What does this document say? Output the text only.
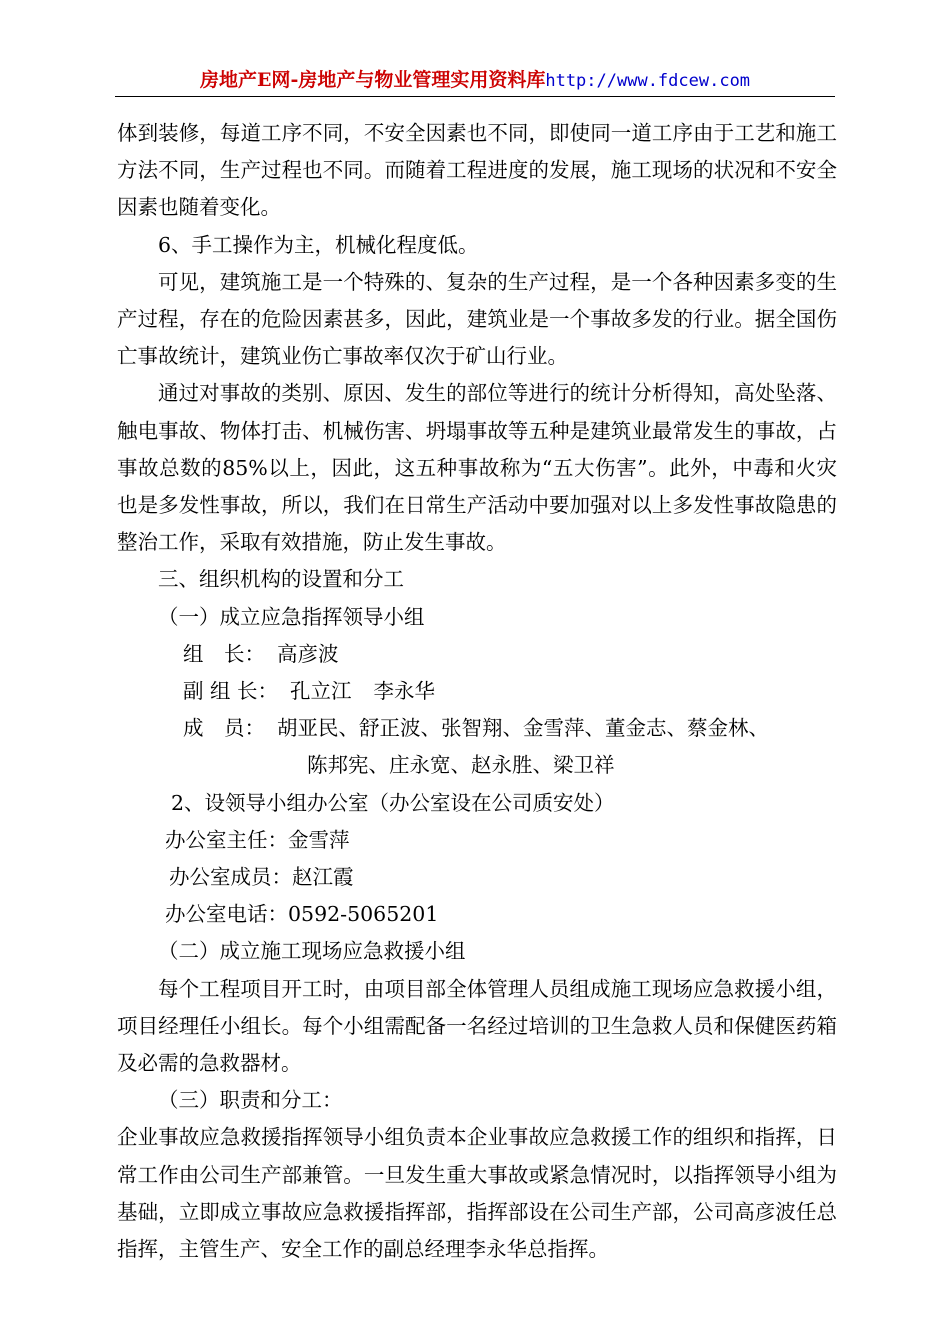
房地产E网-房地产与物业管理实用资料库http://www.fdcew.com

体到装修，每道工序不同，不安全因素也不同，即使同一道工序由于工艺和施工方法不同，生产过程也不同。而随着工程进度的发展，施工现场的状况和不安全因素也随着变化。

6、手工操作为主，机械化程度低。

可见，建筑施工是一个特殊的、复杂的生产过程，是一个各种因素多变的生产过程，存在的危险因素甚多，因此，建筑业是一个事故多发的行业。据全国伤亡事故统计，建筑业伤亡事故率仅次于矿山行业。

通过对事故的类别、原因、发生的部位等进行的统计分析得知，高处坠落、触电事故、物体打击、机械伤害、坍塌事故等五种是建筑业最常发生的事故，占事故总数的85%以上，因此，这五种事故称为“五大伤害”。此外，中毒和火灾也是多发性事故，所以，我们在日常生产活动中要加强对以上多发性事故隐患的整治工作，采取有效措施，防止发生事故。

三、组织机构的设置和分工

（一）成立应急指挥领导小组

组　长： 高彦波

副 组 长： 孔立江 李永华

成　员： 胡亚民、舒正波、张智翔、金雪萍、董金志、蔡金林、

陈邦宪、庄永宽、赵永胜、梁卫祥

2、设领导小组办公室（办公室设在公司质安处）

办公室主任：金雪萍

办公室成员：赵江霞

办公室电话：0592-5065201

（二）成立施工现场应急救援小组

每个工程项目开工时，由项目部全体管理人员组成施工现场应急救援小组，项目经理任小组长。每个小组需配备一名经过培训的卫生急救人员和保健医药箱及必需的急救器材。

（三）职责和分工：

企业事故应急救援指挥领导小组负责本企业事故应急救援工作的组织和指挥，日常工作由公司生产部兼管。一旦发生重大事故或紧急情况时，以指挥领导小组为基础，立即成立事故应急救援指挥部，指挥部设在公司生产部，公司高彦波任总指挥，主管生产、安全工作的副总经理李永华总指挥。
